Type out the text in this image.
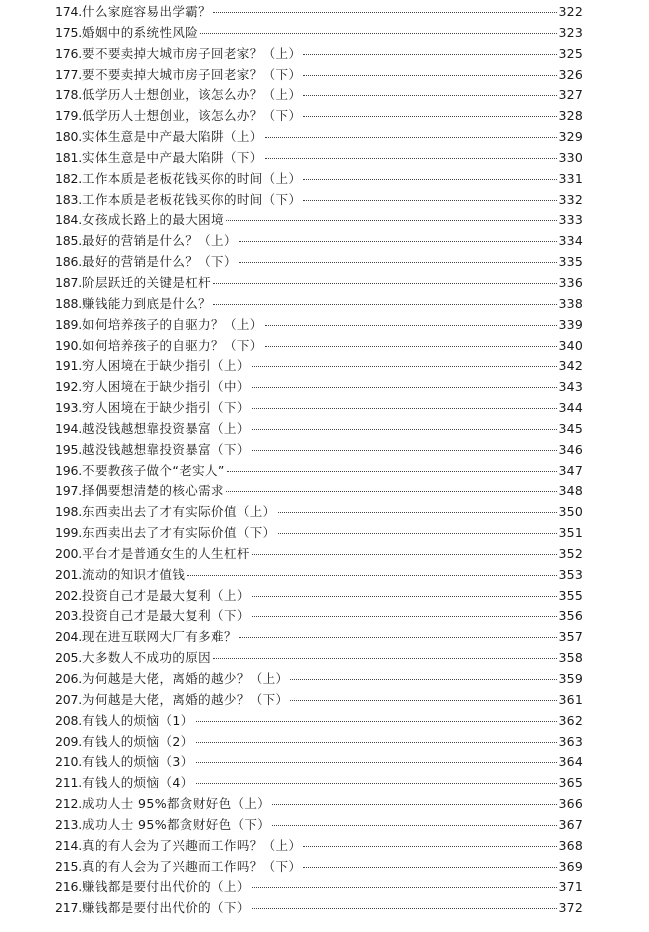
174. 什么家庭容易出学霸？	322
175. 婚姻中的系统性风险	323
176. 要不要卖掉大城市房子回老家？（上）	325
177. 要不要卖掉大城市房子回老家？（下）	326
178. 低学历人士想创业，该怎么办？（上）	327
179. 低学历人士想创业，该怎么办？（下）	328
180. 实体生意是中产最大陷阱（上）	329
181. 实体生意是中产最大陷阱（下）	330
182. 工作本质是老板花钱买你的时间（上）	331
183. 工作本质是老板花钱买你的时间（下）	332
184. 女孩成长路上的最大困境	333
185. 最好的营销是什么？（上）	334
186. 最好的营销是什么？（下）	335
187. 阶层跃迁的关键是杠杆	336
188. 赚钱能力到底是什么？	338
189. 如何培养孩子的自驱力？（上）	339
190. 如何培养孩子的自驱力？（下）	340
191. 穷人困境在于缺少指引（上）	342
192. 穷人困境在于缺少指引（中）	343
193. 穷人困境在于缺少指引（下）	344
194. 越没钱越想靠投资暴富（上）	345
195. 越没钱越想靠投资暴富（下）	346
196. 不要教孩子做个“老实人”	347
197. 择偶要想清楚的核心需求	348
198. 东西卖出去了才有实际价值（上）	350
199. 东西卖出去了才有实际价值（下）	351
200. 平台才是普通女生的人生杠杆	352
201. 流动的知识才值钱	353
202. 投资自己才是最大复利（上）	355
203. 投资自己才是最大复利（下）	356
204. 现在进互联网大厂有多难？	357
205. 大多数人不成功的原因	358
206. 为何越是大佬，离婚的越少？（上）	359
207. 为何越是大佬，离婚的越少？（下）	361
208. 有钱人的烦恼（1）	362
209. 有钱人的烦恼（2）	363
210. 有钱人的烦恼（3）	364
211. 有钱人的烦恼（4）	365
212. 成功人士 95%都贪财好色（上）	366
213. 成功人士 95%都贪财好色（下）	367
214. 真的有人会为了兴趣而工作吗？（上）	368
215. 真的有人会为了兴趣而工作吗？（下）	369
216. 赚钱都是要付出代价的（上）	371
217. 赚钱都是要付出代价的（下）	372
